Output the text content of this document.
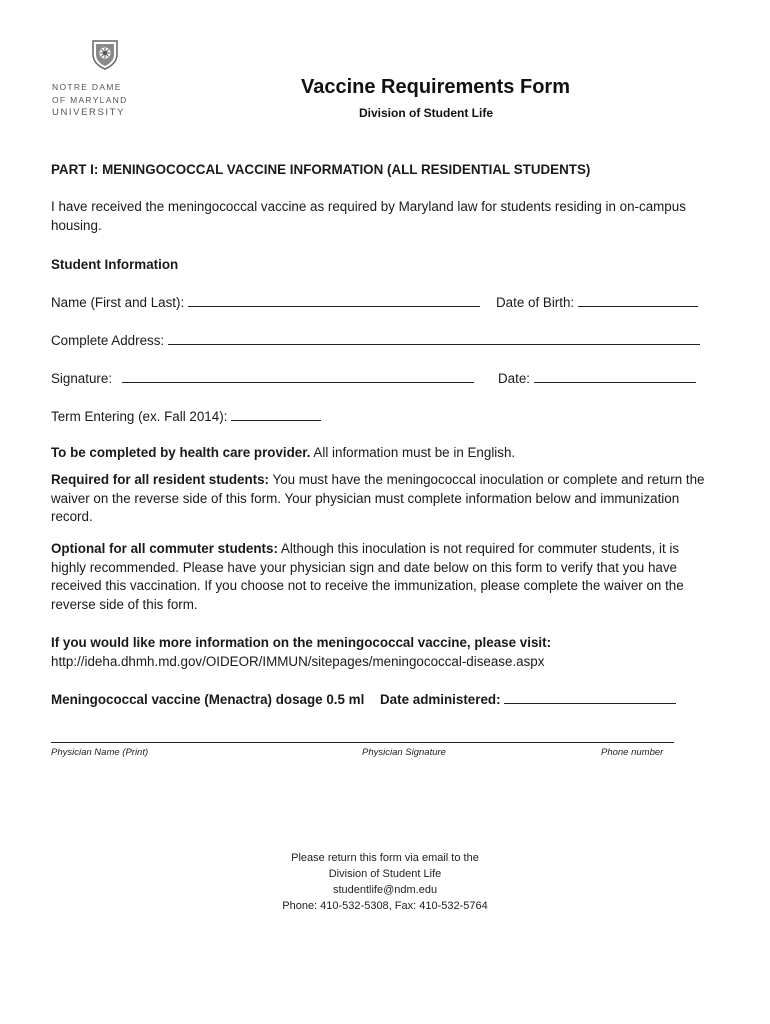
NOTRE DAME
OF MARYLAND
UNIVERSITY
Vaccine Requirements Form
Division of Student Life
PART I: MENINGOCOCCAL VACCINE INFORMATION (ALL RESIDENTIAL STUDENTS)
I have received the meningococcal vaccine as required by Maryland law for students residing in on-campus housing.
Student Information
Name (First and Last):	Date of Birth:
Complete Address:
Signature:	Date:
Term Entering (ex. Fall 2014):
To be completed by health care provider. All information must be in English.
Required for all resident students: You must have the meningococcal inoculation or complete and return the waiver on the reverse side of this form. Your physician must complete information below and immunization record.
Optional for all commuter students: Although this inoculation is not required for commuter students, it is highly recommended. Please have your physician sign and date below on this form to verify that you have received this vaccination. If you choose not to receive the immunization, please complete the waiver on the reverse side of this form.
If you would like more information on the meningococcal vaccine, please visit:
http://ideha.dhmh.md.gov/OIDEOR/IMMUN/sitepages/meningococcal-disease.aspx
Meningococcal vaccine (Menactra) dosage 0.5 ml Date administered:
Physician Name (Print)	Physician Signature	Phone number
Please return this form via email to the
Division of Student Life
studentlife@ndm.edu
Phone: 410-532-5308, Fax: 410-532-5764
